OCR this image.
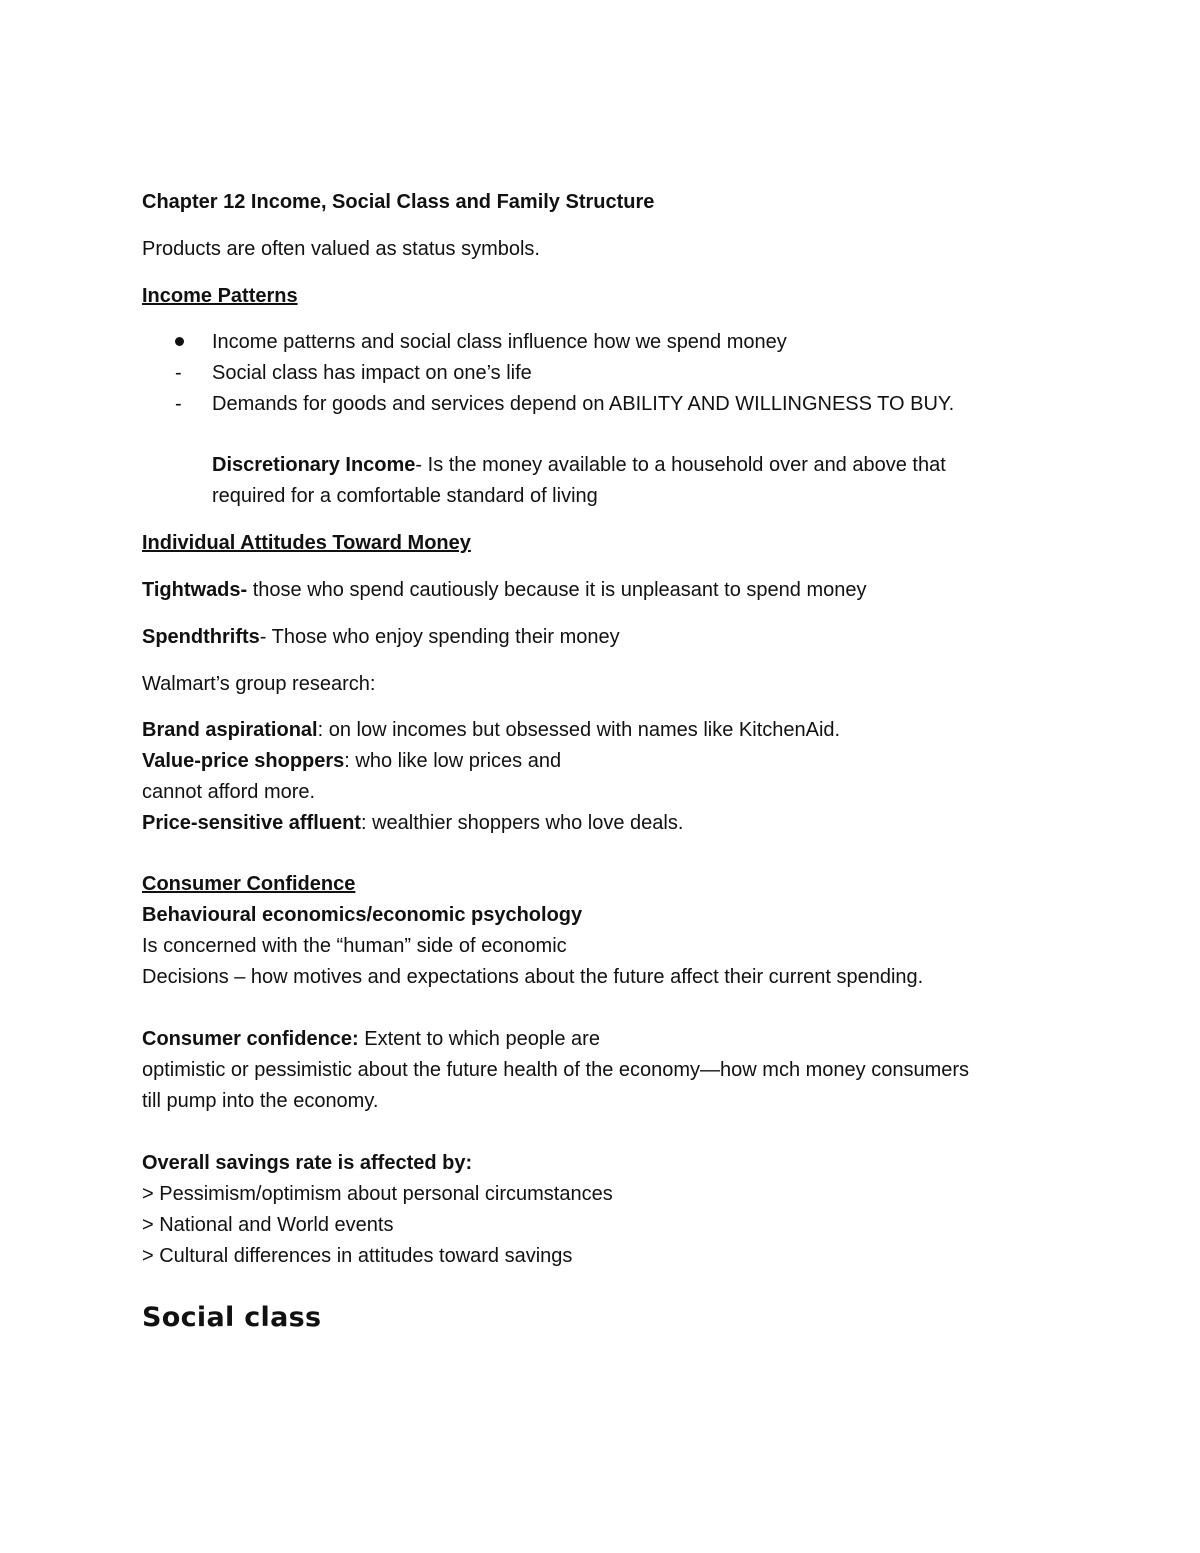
Chapter 12 Income, Social Class and Family Structure
Products are often valued as status symbols.
Income Patterns
Income patterns and social class influence how we spend money
- Social class has impact on one’s life
- Demands for goods and services depend on ABILITY AND WILLINGNESS TO BUY.
Discretionary Income- Is the money available to a household over and above that
required for a comfortable standard of living
Individual Attitudes Toward Money
Tightwads- those who spend cautiously because it is unpleasant to spend money
Spendthrifts- Those who enjoy spending their money
Walmart’s group research:
Brand aspirational: on low incomes but obsessed with names like KitchenAid.
Value-price shoppers: who like low prices and
cannot afford more.
Price-sensitive affluent: wealthier shoppers who love deals.
Consumer Confidence
Behavioural economics/economic psychology
Is concerned with the “human” side of economic
Decisions – how motives and expectations about the future affect their current spending.
Consumer confidence: Extent to which people are
optimistic or pessimistic about the future health of the economy—how mch money consumers
till pump into the economy.
Overall savings rate is affected by:
> Pessimism/optimism about personal circumstances
> National and World events
> Cultural differences in attitudes toward savings
Social class
